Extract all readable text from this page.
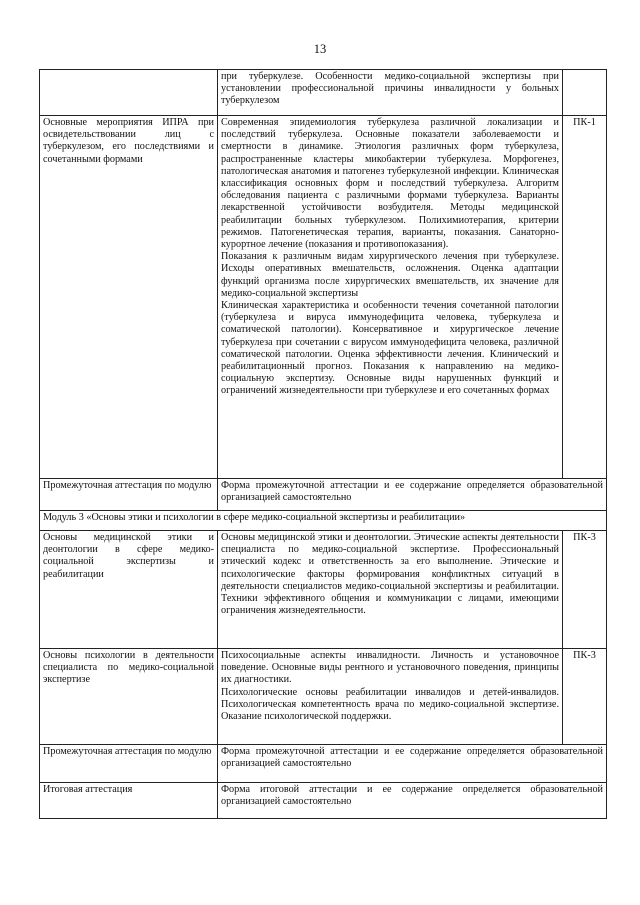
13

	при туберкулезе. Особенности медико-социальной экспертизы при установлении профессиональной причины инвалидности у больных туберкулезом	

Основные мероприятия ИПРА при освидетельствовании лиц с туберкулезом, его последствиями и сочетанными формами	Современная эпидемиология туберкулеза различной локализации и последствий туберкулеза. Основные показатели заболеваемости и смертности в динамике. Этиология различных форм туберкулеза, распространенные кластеры микобактерии туберкулеза. Морфогенез, патологическая анатомия и патогенез туберкулезной инфекции. Клиническая классификация основных форм и последствий туберкулеза. Алгоритм обследования пациента с различными формами туберкулеза. Варианты лекарственной устойчивости возбудителя. Методы медицинской реабилитации больных туберкулезом. Полихимиотерапия, критерии режимов. Патогенетическая терапия, варианты, показания. Санаторно-курортное лечение (показания и противопоказания).

Показания к различным видам хирургического лечения при туберкулезе. Исходы оперативных вмешательств, осложнения. Оценка адаптации функций организма после хирургических вмешательств, их значение для медико-социальной экспертизы

Клиническая характеристика и особенности течения сочетанной патологии (туберкулеза и вируса иммунодефицита человека, туберкулеза и соматической патологии). Консервативное и хирургическое лечение туберкулеза при сочетании с вирусом иммунодефицита человека, различной соматической патологии. Оценка эффективности лечения. Клинический и реабилитационный прогноз. Показания к направлению на медико-социальную экспертизу. Основные виды нарушенных функций и ограничений жизнедеятельности при туберкулезе и его сочетанных формах	ПК-1
Промежуточная аттестация по модулю	Форма промежуточной аттестации и ее содержание определяется образовательной организацией самостоятельно	
Модуль 3 «Основы этики и психологии в сфере медико-социальной экспертизы и реабилитации»		
Основы медицинской этики и деонтологии в сфере медико-социальной экспертизы и реабилитации	Основы медицинской этики и деонтологии. Этические аспекты деятельности специалиста по медико-социальной экспертизе. Профессиональный этический кодекс и ответственность за его выполнение. Этические и психологические факторы формирования конфликтных ситуаций в деятельности специалистов медико-социальной экспертизы и реабилитации. Техники эффективного общения и коммуникации с лицами, имеющими ограничения жизнедеятельности.	ПК-3
Основы психологии в деятельности специалиста по медико-социальной экспертизе	Психосоциальные аспекты инвалидности. Личность и установочное поведение. Основные виды рентного и установочного поведения, принципы их диагностики.

Психологические основы реабилитации инвалидов и детей-инвалидов. Психологическая компетентность врача по медико-социальной экспертизе. Оказание психологической поддержки.	ПК-3
Промежуточная аттестация по модулю	Форма промежуточной аттестации и ее содержание определяется образовательной организацией самостоятельно	
Итоговая аттестация	Форма итоговой аттестации и ее содержание определяется образовательной организацией самостоятельно	
